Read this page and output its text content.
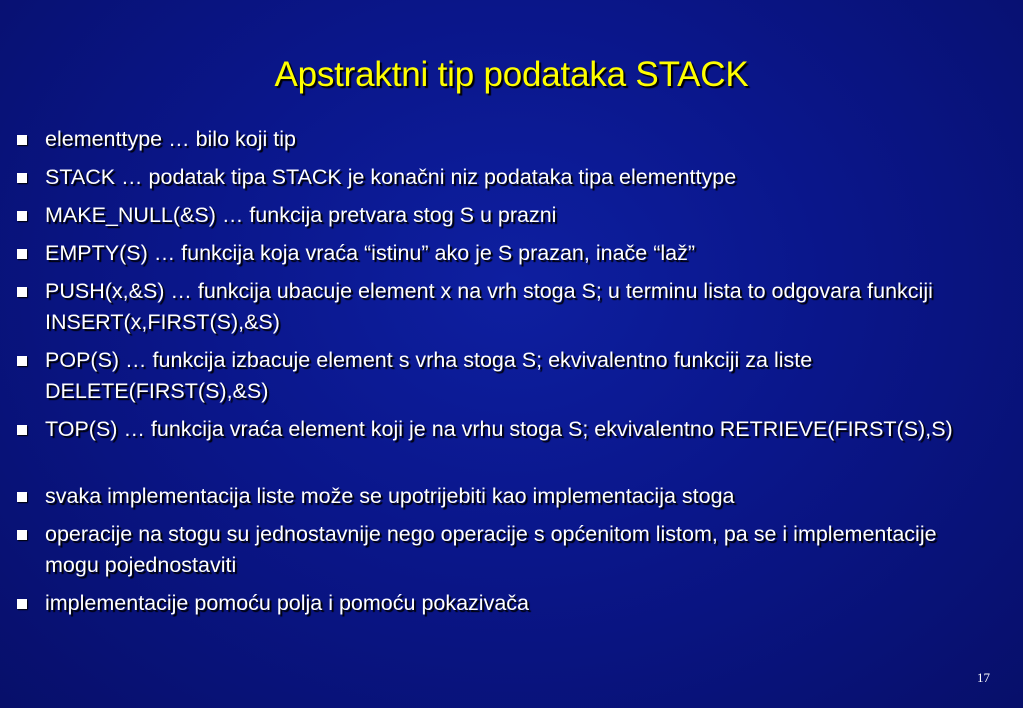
Apstraktni tip podataka STACK
elementtype … bilo koji tip
STACK … podatak tipa STACK je konačni niz podataka tipa elementtype
MAKE_NULL(&S) … funkcija pretvara stog S u prazni
EMPTY(S) … funkcija koja vraća “istinu” ako je S prazan, inače “laž”
PUSH(x,&S) … funkcija ubacuje element x na vrh stoga S; u terminu lista to odgovara funkciji INSERT(x,FIRST(S),&S)
POP(S) … funkcija izbacuje element s vrha stoga S; ekvivalentno funkciji za liste DELETE(FIRST(S),&S)
TOP(S) … funkcija vraća element koji je na vrhu stoga S; ekvivalentno RETRIEVE(FIRST(S),S)
svaka implementacija liste može se upotrijebiti kao implementacija stoga
operacije na stogu su jednostavnije nego operacije s općenitom listom, pa se i implementacije mogu pojednostaviti
implementacije pomoću polja i pomoću pokazivača
17
